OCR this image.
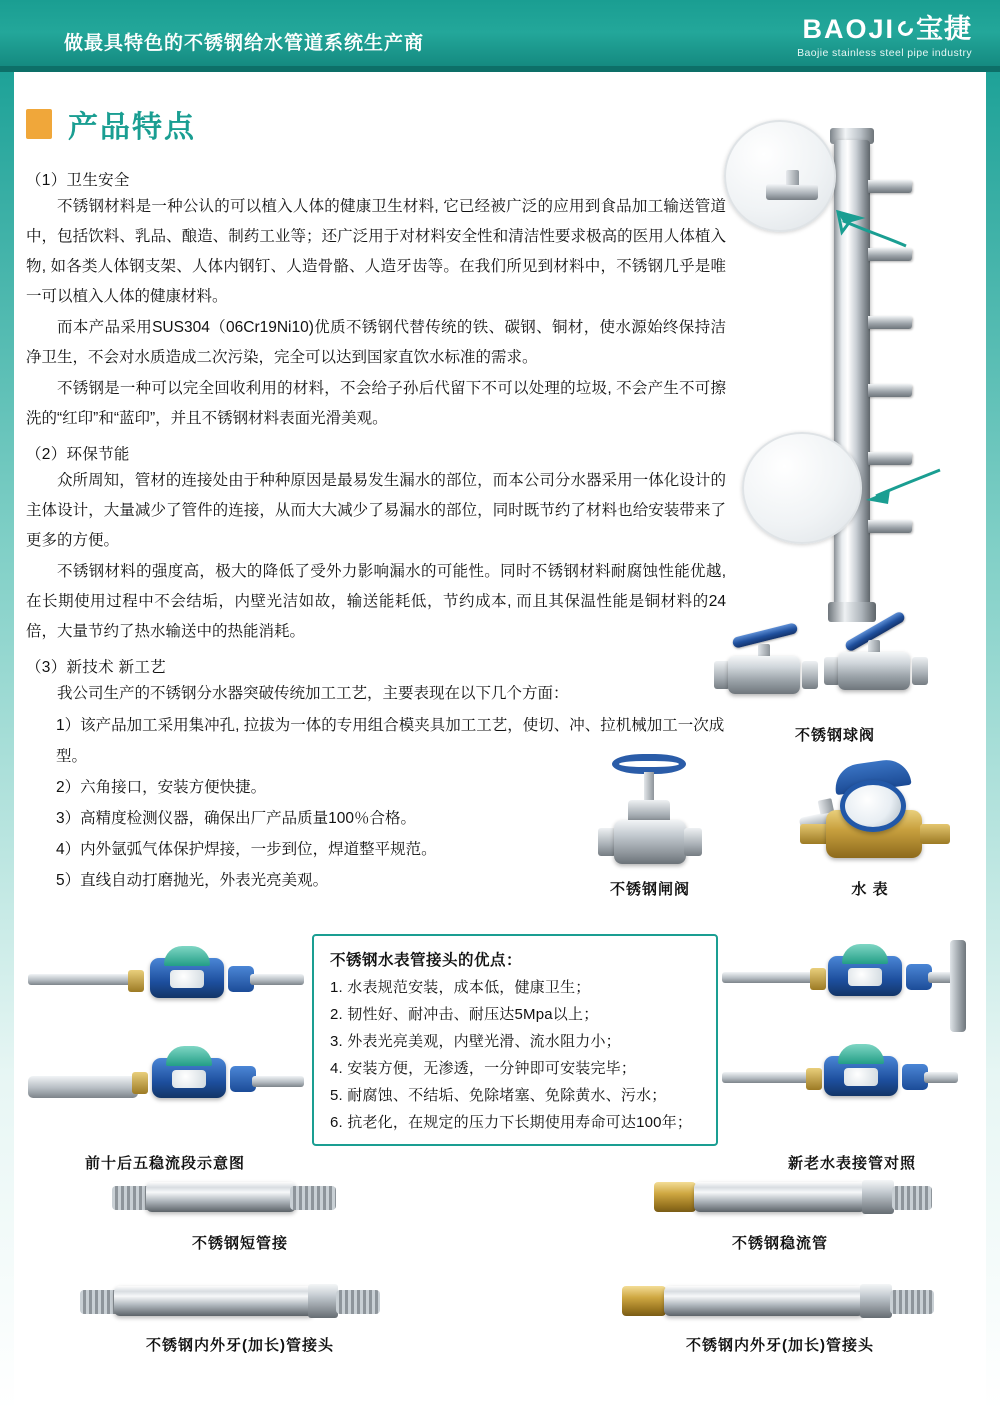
做最具特色的不锈钢给水管道系统生产商	BAOJI 宝捷
Baojie stainless steel pipe industry
产品特点
（1）卫生安全

不锈钢材料是一种公认的可以植入人体的健康卫生材料, 它已经被广泛的应用到食品加工输送管道中，包括饮料、乳品、酿造、制药工业等；还广泛用于对材料安全性和清洁性要求极高的医用人体植入物, 如各类人体钢支架、人体内钢钉、人造骨骼、人造牙齿等。在我们所见到材料中，不锈钢几乎是唯一可以植入人体的健康材料。

而本产品采用SUS304（06Cr19Ni10)优质不锈钢代替传统的铁、碳钢、铜材，使水源始终保持洁净卫生，不会对水质造成二次污染，完全可以达到国家直饮水标准的需求。

不锈钢是一种可以完全回收利用的材料，不会给子孙后代留下不可以处理的垃圾, 不会产生不可擦洗的“红印”和“蓝印”，并且不锈钢材料表面光滑美观。

（2）环保节能

众所周知，管材的连接处由于种种原因是最易发生漏水的部位，而本公司分水器采用一体化设计的主体设计，大量减少了管件的连接，从而大大减少了易漏水的部位，同时既节约了材料也给安装带来了更多的方便。

不锈钢材料的强度高，极大的降低了受外力影响漏水的可能性。同时不锈钢材料耐腐蚀性能优越, 在长期使用过程中不会结垢，内壁光洁如故，输送能耗低，节约成本, 而且其保温性能是铜材料的24倍，大量节约了热水输送中的热能消耗。

（3）新技术 新工艺

我公司生产的不锈钢分水器突破传统加工工艺，主要表现在以下几个方面：

1）该产品加工采用集冲孔, 拉拔为一体的专用组合模夹具加工工艺，使切、冲、拉机械加工一次成型。

2）六角接口，安装方便快捷。

3）高精度检测仪器，确保出厂产品质量100％合格。

4）内外氩弧气体保护焊接，一步到位，焊道整平规范。

5）直线自动打磨抛光，外表光亮美观。

不锈钢球阀
不锈钢闸阀	水 表
前十后五稳流段示意图
不锈钢水表管接头的优点：
1. 水表规范安装，成本低，健康卫生；
2. 韧性好、耐冲击、耐压达5Mpa以上；
3. 外表光亮美观，内壁光滑、流水阻力小；
4. 安装方便，无渗透，一分钟即可安装完毕；
5. 耐腐蚀、不结垢、免除堵塞、免除黄水、污水；
6. 抗老化，在规定的压力下长期使用寿命可达100年；
新老水表接管对照
不锈钢短管接	不锈钢稳流管
不锈钢内外牙(加长)管接头	不锈钢内外牙(加长)管接头
